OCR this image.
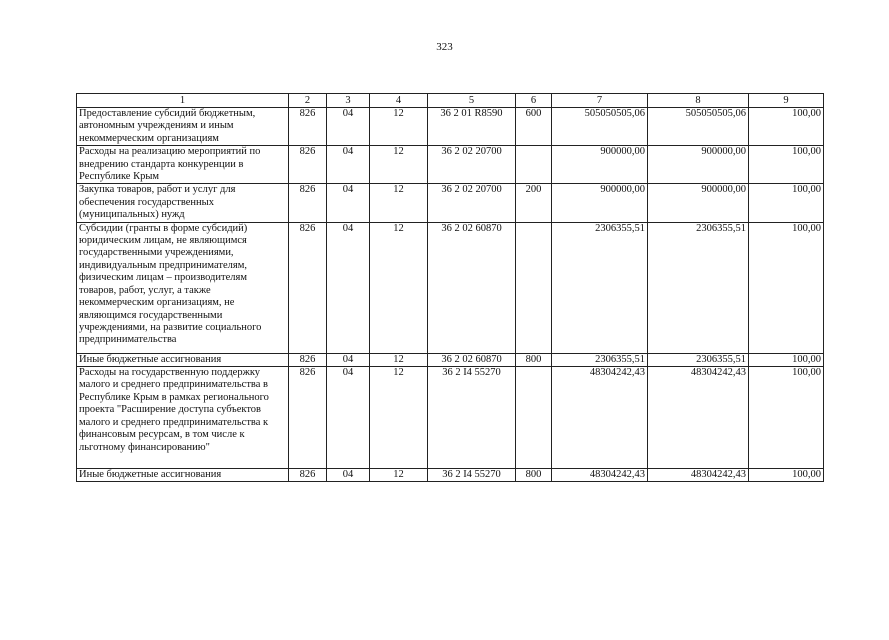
323
1	2	3	4	5	6	7	8	9
Предоставление субсидий бюджетным, автономным учреждениям и иным некоммерческим организациям	826	04	12	36 2 01 R8590	600	505050505,06	505050505,06	100,00
Расходы на реализацию мероприятий по внедрению стандарта конкуренции в Республике Крым	826	04	12	36 2 02 20700		900000,00	900000,00	100,00
Закупка товаров, работ и услуг для обеспечения государственных (муниципальных) нужд	826	04	12	36 2 02 20700	200	900000,00	900000,00	100,00
Субсидии (гранты в форме субсидий) юридическим лицам, не являющимся государственными учреждениями, индивидуальным предпринимателям, физическим лицам – производителям товаров, работ, услуг, а также некоммерческим организациям, не являющимся государственными учреждениями, на развитие социального предпринимательства	826	04	12	36 2 02 60870		2306355,51	2306355,51	100,00
Иные бюджетные ассигнования	826	04	12	36 2 02 60870	800	2306355,51	2306355,51	100,00
Расходы на государственную поддержку малого и среднего предпринимательства в Республике Крым в рамках регионального проекта "Расширение доступа субъектов малого и среднего предпринимательства к финансовым ресурсам, в том числе к льготному финансированию"	826	04	12	36 2 I4 55270		48304242,43	48304242,43	100,00
Иные бюджетные ассигнования	826	04	12	36 2 I4 55270	800	48304242,43	48304242,43	100,00
